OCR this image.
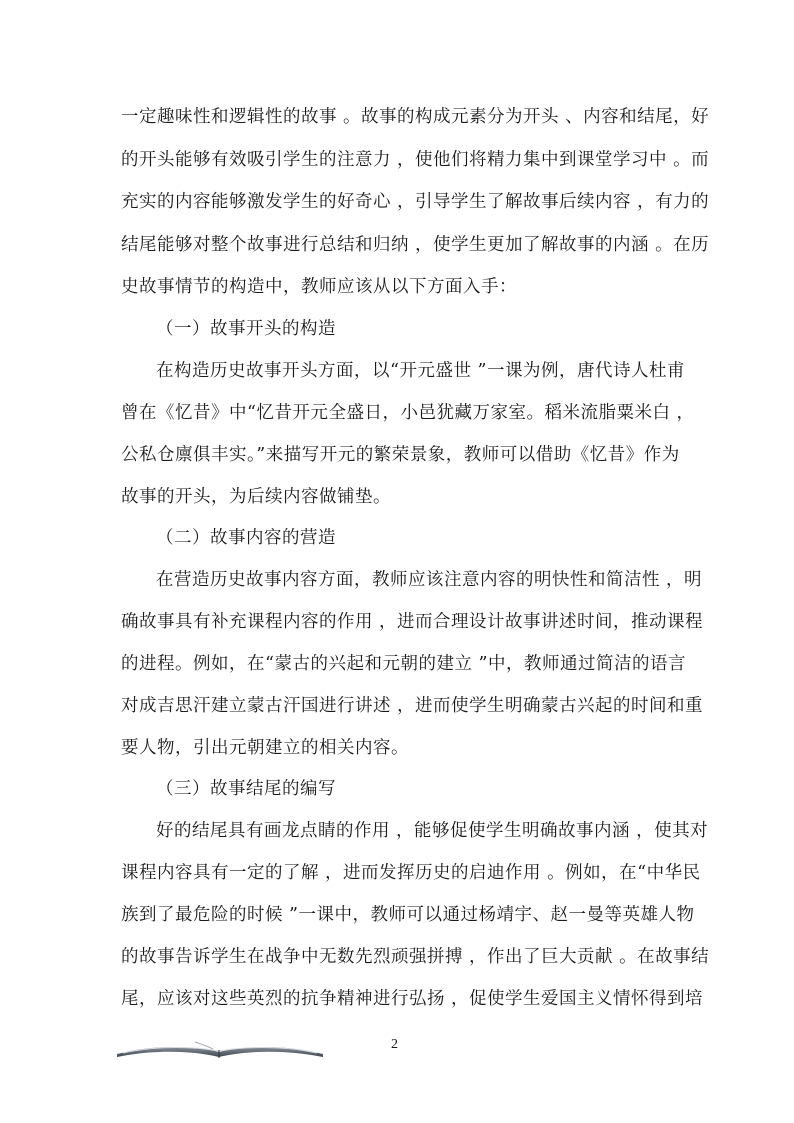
一定趣味性和逻辑性的故事 。故事的构成元素分为开头 、内容和结尾，好
的开头能够有效吸引学生的注意力 ，使他们将精力集中到课堂学习中 。而
充实的内容能够激发学生的好奇心 ，引导学生了解故事后续内容 ，有力的
结尾能够对整个故事进行总结和归纳 ，使学生更加了解故事的内涵 。在历
史故事情节的构造中，教师应该从以下方面入手：
（一）故事开头的构造
在构造历史故事开头方面，以“开元盛世 ”一课为例，唐代诗人杜甫
曾在《忆昔》中“忆昔开元全盛日，小邑犹藏万家室。稻米流脂粟米白 ，
公私仓廪俱丰实。”来描写开元的繁荣景象，教师可以借助《忆昔》作为
故事的开头，为后续内容做铺垫。
（二）故事内容的营造
在营造历史故事内容方面，教师应该注意内容的明快性和简洁性 ，明
确故事具有补充课程内容的作用 ，进而合理设计故事讲述时间，推动课程
的进程。例如，在“蒙古的兴起和元朝的建立 ”中，教师通过简洁的语言
对成吉思汗建立蒙古汗国进行讲述 ，进而使学生明确蒙古兴起的时间和重
要人物，引出元朝建立的相关内容。
（三）故事结尾的编写
好的结尾具有画龙点睛的作用 ，能够促使学生明确故事内涵 ，使其对
课程内容具有一定的了解 ，进而发挥历史的启迪作用 。例如，在“中华民
族到了最危险的时候 ”一课中，教师可以通过杨靖宇、赵一曼等英雄人物
的故事告诉学生在战争中无数先烈顽强拼搏 ，作出了巨大贡献 。在故事结
尾，应该对这些英烈的抗争精神进行弘扬 ，促使学生爱国主义情怀得到培
2
